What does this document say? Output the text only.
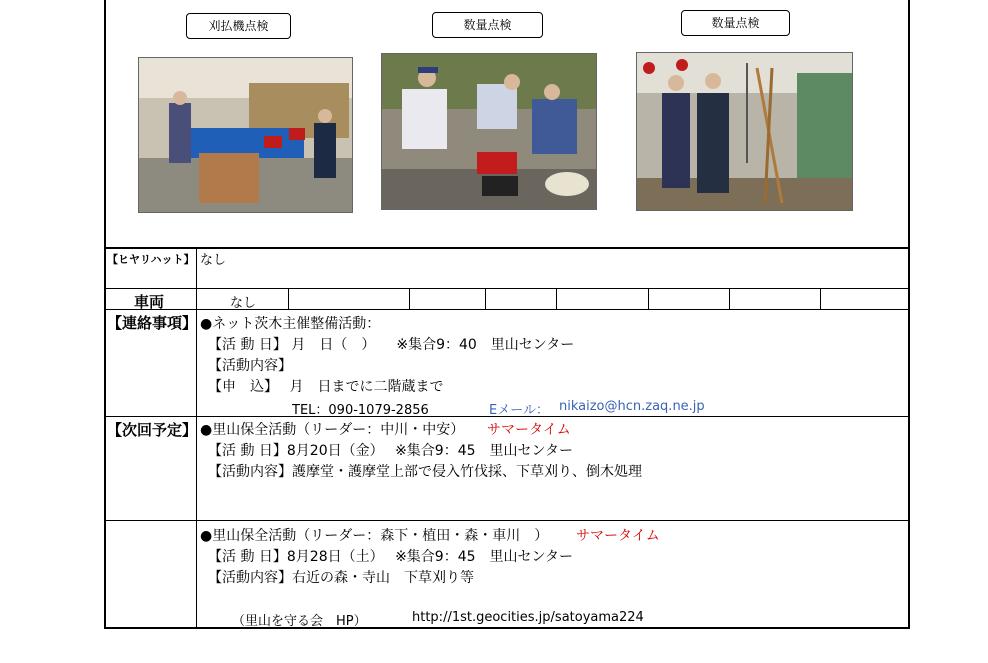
刈払機点検	数量点検	数量点検
【ヒヤリハット】 なし
車両	なし
【連絡事項】 ●ネット茨木主催整備活動：
【活 動 日】 月　日（　）　　※集合9：40　里山センター
【活動内容】
【申　込】　 月　日までに二階蔵まで
TEL：090-1079-2856	Eメール： nikaizo@hcn.zaq.ne.jp
【次回予定】 ●里山保全活動（リーダー：中川・中安） サマータイム
【活 動 日】8月20日（金）　 ※集合9：45　里山センター
【活動内容】 護摩堂・護摩堂上部で侵入竹伐採、下草刈り、倒木処理
●里山保全活動（リーダー：森下・植田・森・車川　） サマータイム
【活 動 日】8月28日（土）　 ※集合9：45　里山センター
【活動内容】 右近の森・寺山　下草刈り等
（里山を守る会　HP）	http://1st.geocities.jp/satoyama224
